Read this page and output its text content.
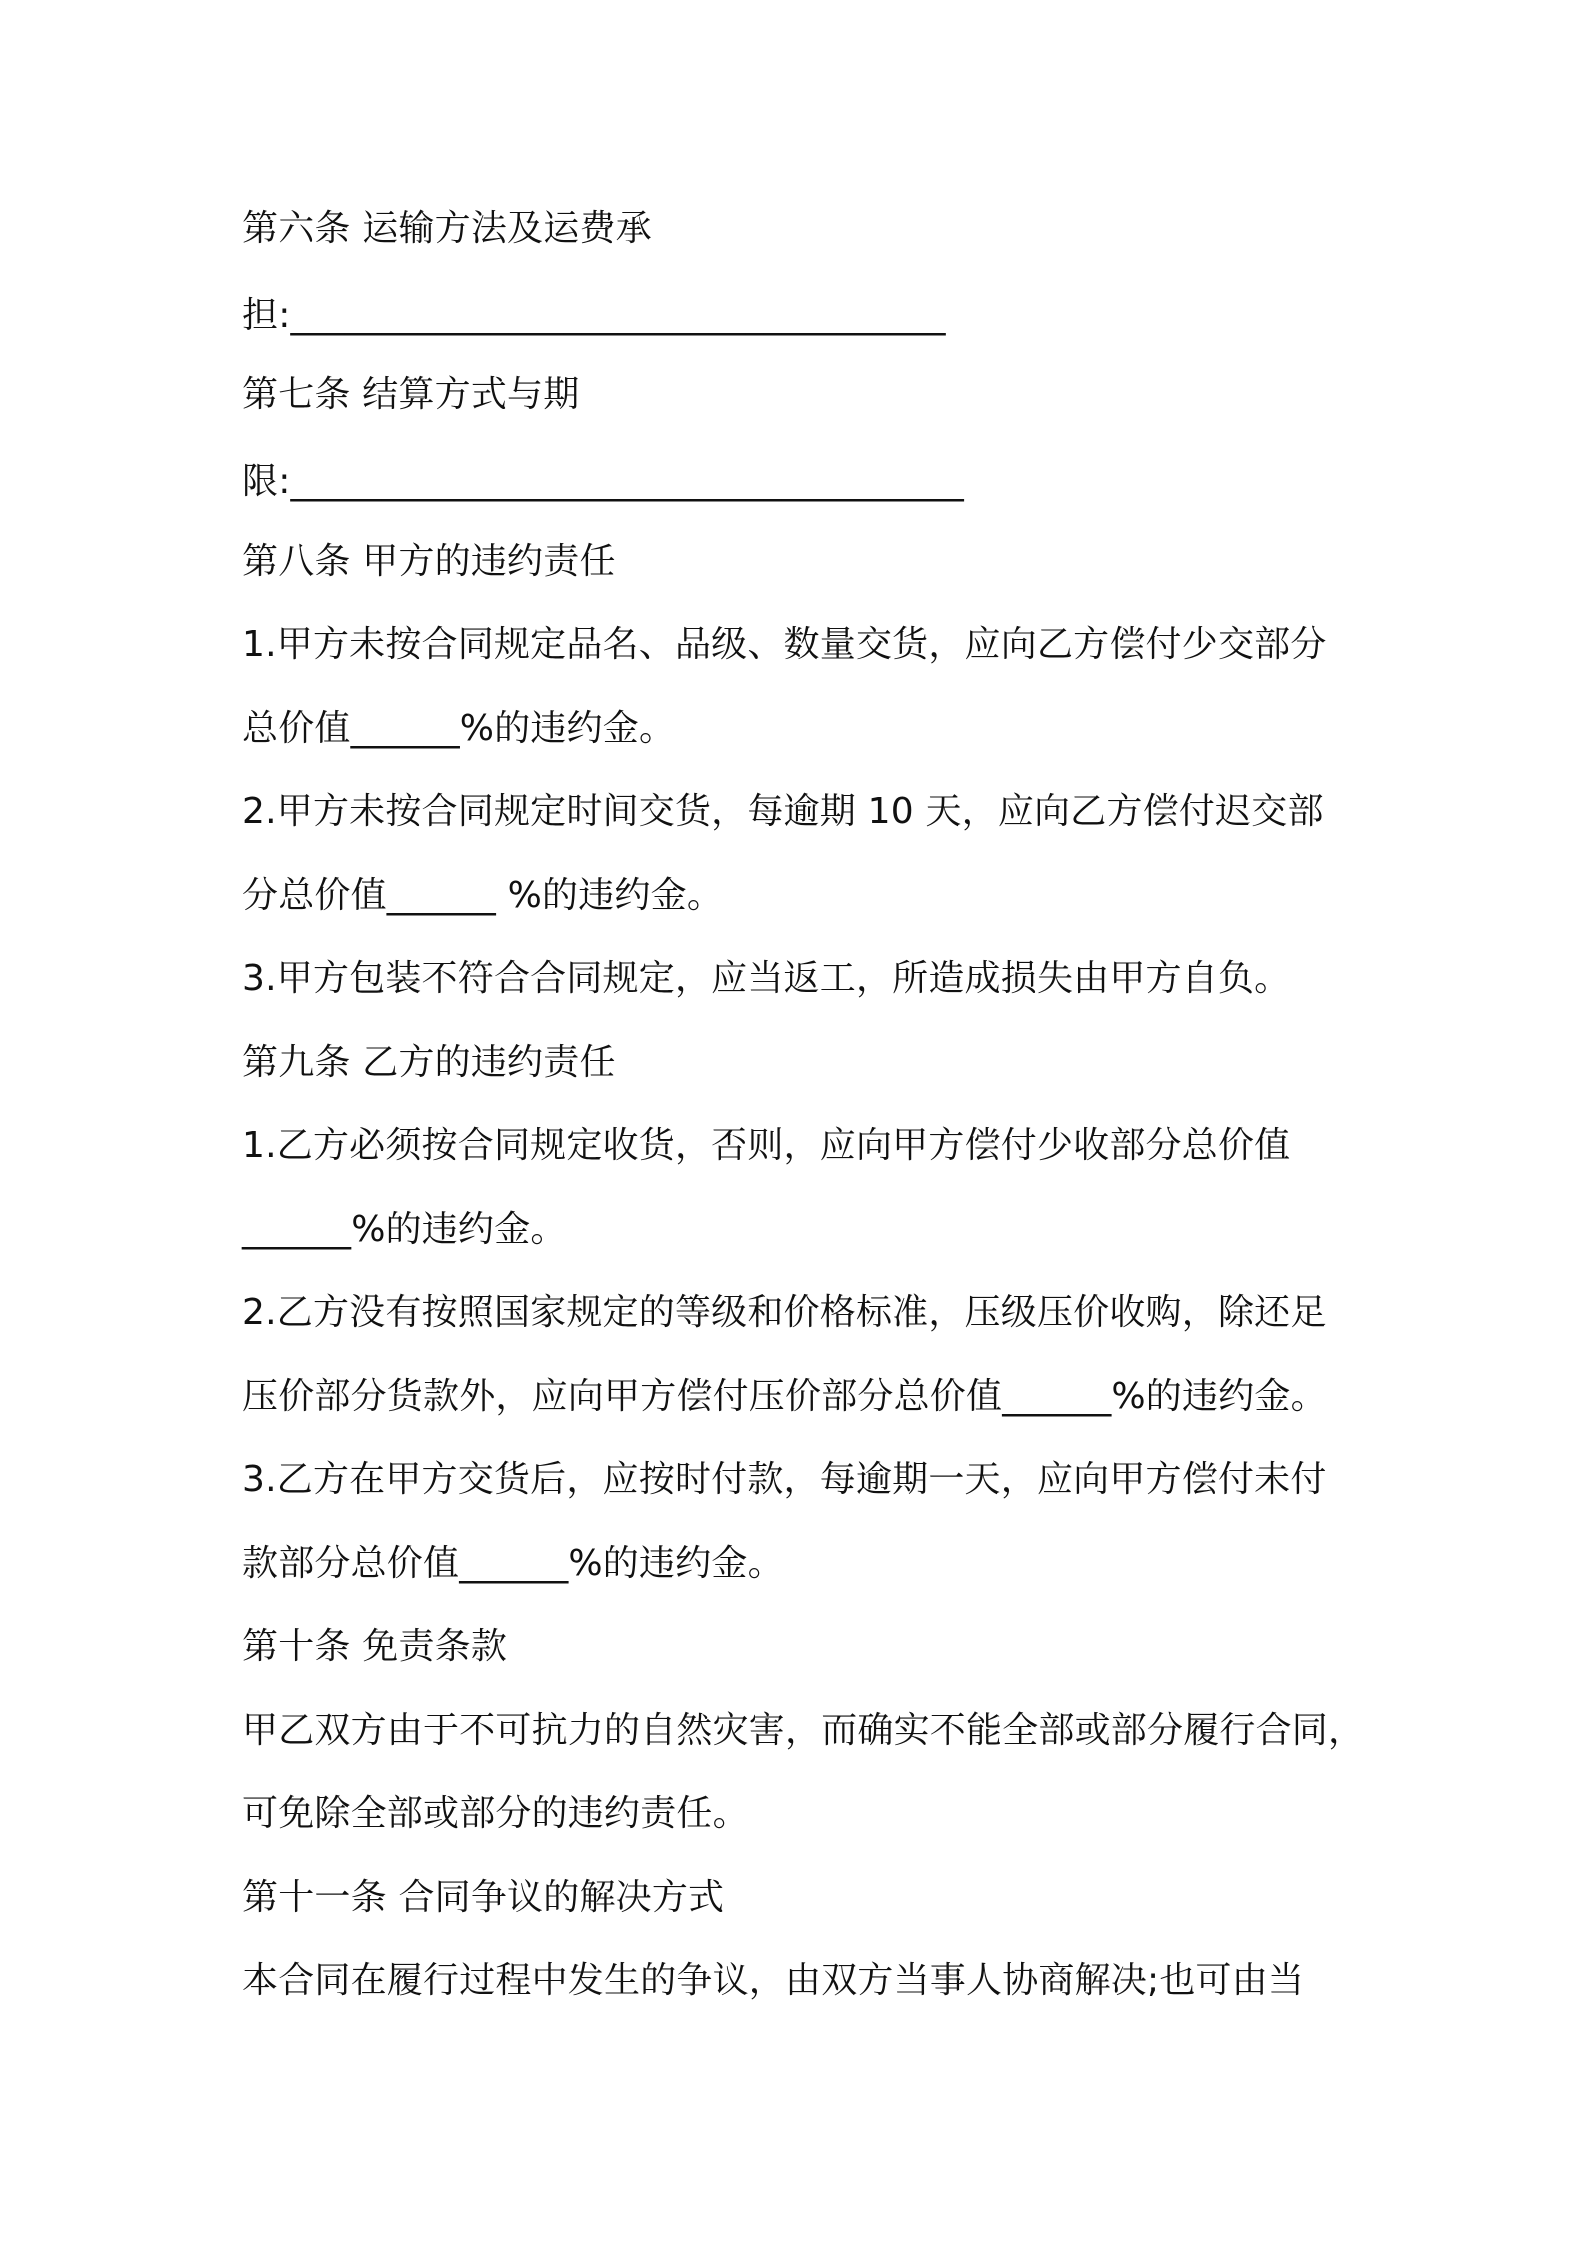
第六条 运输方法及运费承
担:____________________________________
第七条 结算方式与期
限:_____________________________________
第八条 甲方的违约责任
1.甲方未按合同规定品名、品级、数量交货，应向乙方偿付少交部分
总价值______%的违约金。
2.甲方未按合同规定时间交货，每逾期 10 天，应向乙方偿付迟交部
分总价值______ %的违约金。
3.甲方包装不符合合同规定，应当返工，所造成损失由甲方自负。
第九条 乙方的违约责任
1.乙方必须按合同规定收货，否则，应向甲方偿付少收部分总价值
______%的违约金。
2.乙方没有按照国家规定的等级和价格标准，压级压价收购，除还足
压价部分货款外，应向甲方偿付压价部分总价值______%的违约金。
3.乙方在甲方交货后，应按时付款，每逾期一天，应向甲方偿付未付
款部分总价值______%的违约金。
第十条 免责条款
甲乙双方由于不可抗力的自然灾害，而确实不能全部或部分履行合同，
可免除全部或部分的违约责任。
第十一条 合同争议的解决方式
本合同在履行过程中发生的争议，由双方当事人协商解决;也可由当
